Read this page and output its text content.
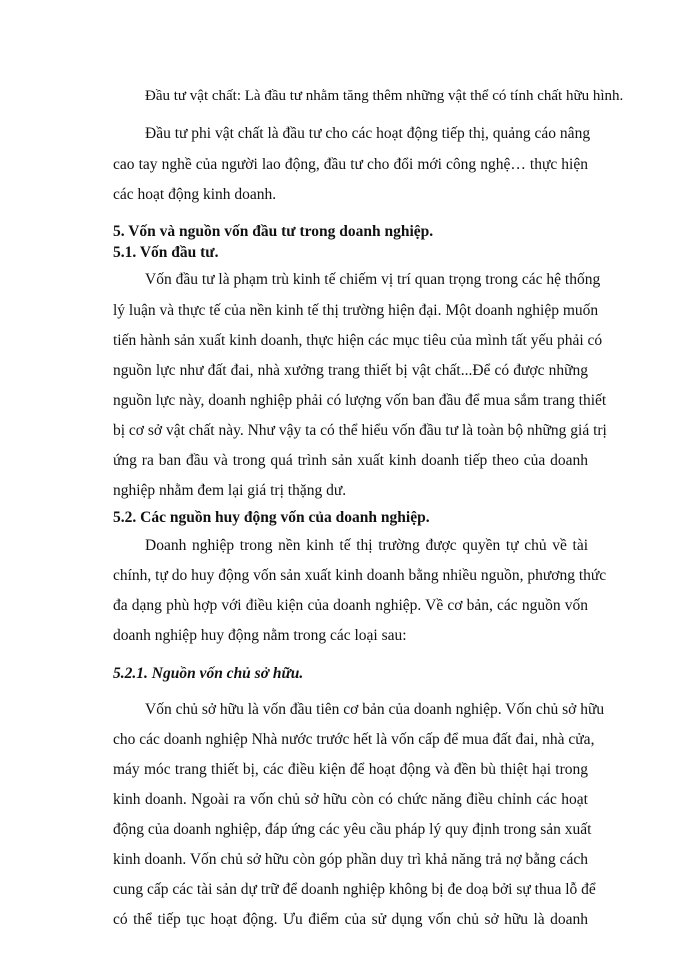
Đầu tư vật chất: Là đầu tư nhằm tăng thêm những vật thể có tính chất hữu hình.
Đầu tư phi vật chất là đầu tư cho các hoạt động tiếp thị, quảng cáo nâng
cao tay nghề của người lao động, đầu tư cho đổi mới công nghệ… thực hiện
các hoạt động kinh doanh.
5. Vốn và nguồn vốn đầu tư trong doanh nghiệp.
5.1. Vốn đầu tư.
Vốn đầu tư là phạm trù kinh tế chiếm vị trí quan trọng trong các hệ thống
lý luận và thực tế của nền kinh tế thị trường hiện đại. Một doanh nghiệp muốn
tiến hành sản xuất kinh doanh, thực hiện các mục tiêu của mình tất yếu phải có
nguồn lực như đất đai, nhà xưởng trang thiết bị vật chất...Để có được những
nguồn lực này, doanh nghiệp phải có lượng vốn ban đầu để mua sắm trang thiết
bị cơ sở vật chất này. Như vậy ta có thể hiểu vốn đầu tư là toàn bộ những giá trị
ứng ra ban đầu và trong quá trình sản xuất kinh doanh tiếp theo của doanh
nghiệp nhằm đem lại giá trị thặng dư.
5.2. Các nguồn huy động vốn của doanh nghiệp.
Doanh nghiệp trong nền kinh tế thị trường được quyền tự chủ về tài
chính, tự do huy động vốn sản xuất kinh doanh bằng nhiều nguồn, phương thức
đa dạng phù hợp với điều kiện của doanh nghiệp. Về cơ bản, các nguồn vốn
doanh nghiệp huy động nằm trong các loại sau:
5.2.1. Nguồn vốn chủ sở hữu.
Vốn chủ sở hữu là vốn đầu tiên cơ bản của doanh nghiệp. Vốn chủ sở hữu
cho các doanh nghiệp Nhà nước trước hết là vốn cấp để mua đất đai, nhà cửa,
máy móc trang thiết bị, các điều kiện để hoạt động và đền bù thiệt hại trong
kinh doanh. Ngoài ra vốn chủ sở hữu còn có chức năng điều chỉnh các hoạt
động của doanh nghiệp, đáp ứng các yêu cầu pháp lý quy định trong sản xuất
kinh doanh. Vốn chủ sở hữu còn góp phần duy trì khả năng trả nợ bằng cách
cung cấp các tài sản dự trữ để doanh nghiệp không bị đe doạ bởi sự thua lỗ để
có thể tiếp tục hoạt động. Ưu điểm của sử dụng vốn chủ sở hữu là doanh
